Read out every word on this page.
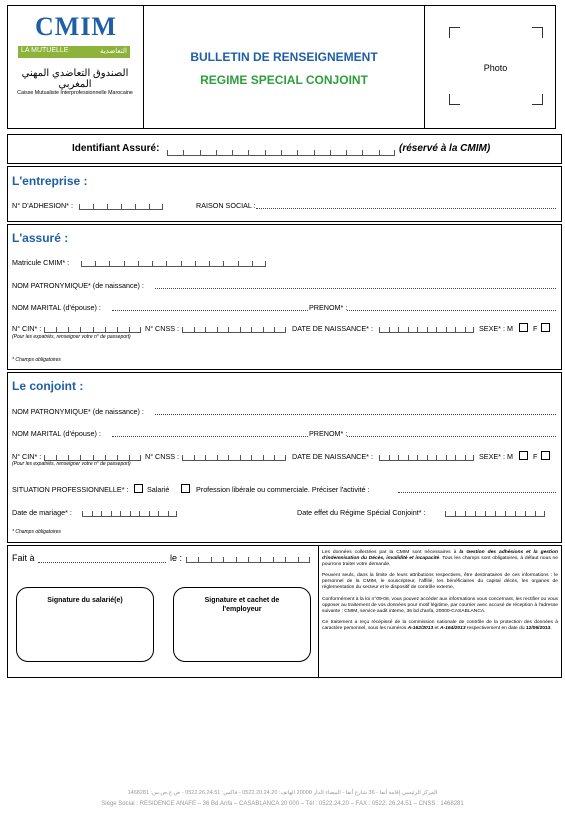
CMIM
LA MUTUELLE	التعاضدية
الصندوق التعاضدي المهني المغربي
Caisse Mutualiste Interprofessionnelle Marocaine
BULLETIN DE RENSEIGNEMENT
REGIME SPECIAL CONJOINT
Photo
Identifiant Assuré:	(réservé à la CMIM)
L'entreprise :
N° D'ADHESION* :	RAISON SOCIAL :
L'assuré :
Matricule CMIM* :
NOM PATRONYMIQUE* (de naissance) :
NOM MARITAL (d'épouse) :	PRENOM* :
N° CIN* :
(Pour les expatriés, renseigner votre n° de passeport)
N° CNSS :	DATE DE NAISSANCE* :	SEXE* : M	F
* Champs obligatoires
Le conjoint :
NOM PATRONYMIQUE* (de naissance) :
NOM MARITAL (d'épouse) :	PRENOM* :
N° CIN* :
(Pour les expatriés, renseigner votre n° de passeport)
N° CNSS :	DATE DE NAISSANCE* :	SEXE* : M	F
SITUATION PROFESSIONNELLE* :	Salarié	Profession libérale ou commerciale. Préciser l'activité :
Date de mariage* :	Date effet du Régime Spécial Conjoint* :
* Champs obligatoires
Fait à	le :
Signature du salarié(e)	Signature et cachet de
l'employeur

Les données collectées par la CMIM sont nécessaires à la Gestion des adhésions et la gestion d'indemnisation du Décès, invalidité et incapacité. Tous les champs sont obligatoires, à défaut nous ne pourrons traiter votre demande.

Peuvent seuls, dans la limite de leurs attributions respectives, être destinataires de ces informations : le personnel de la CMIM, le souscripteur, l'affilié, les bénéficiaires du capital décès, les organes de réglementation du secteur et le dispositif de contrôle externe,

Conformément à la loi n°09-08, vous pouvez accéder aux informations vous concernant, les rectifier ou vous opposer au traitement de vos données pour motif légitime, par courrier avec accusé de réception à l'adresse suivante : CMIM, service audit interne, 36 bd d'anfa, 20000-CASABLANCA.

Ce traitement a reçu récépissé de la commission nationale de contrôle de la protection des données à caractère personnel, sous les numéros A-162/2013 et A-164/2013 respectivement en date du 12/06/2013.

المركز الرئيسي إقامة أنفا - 36 شارع أنفا - البيضاء الدار 20000 الهاتف: 0522.20.24.20 - فاكس: 0522.26.24.51 - ض.ج.ص.س: 1468281
Siège Social : RESIDENCE ANAFE – 36 Bd.Anfa – CASABLANCA 20 000 – Tél : 0522.24.20 – FAX : 0522. 26.24.51 – CNSS : 1468281
